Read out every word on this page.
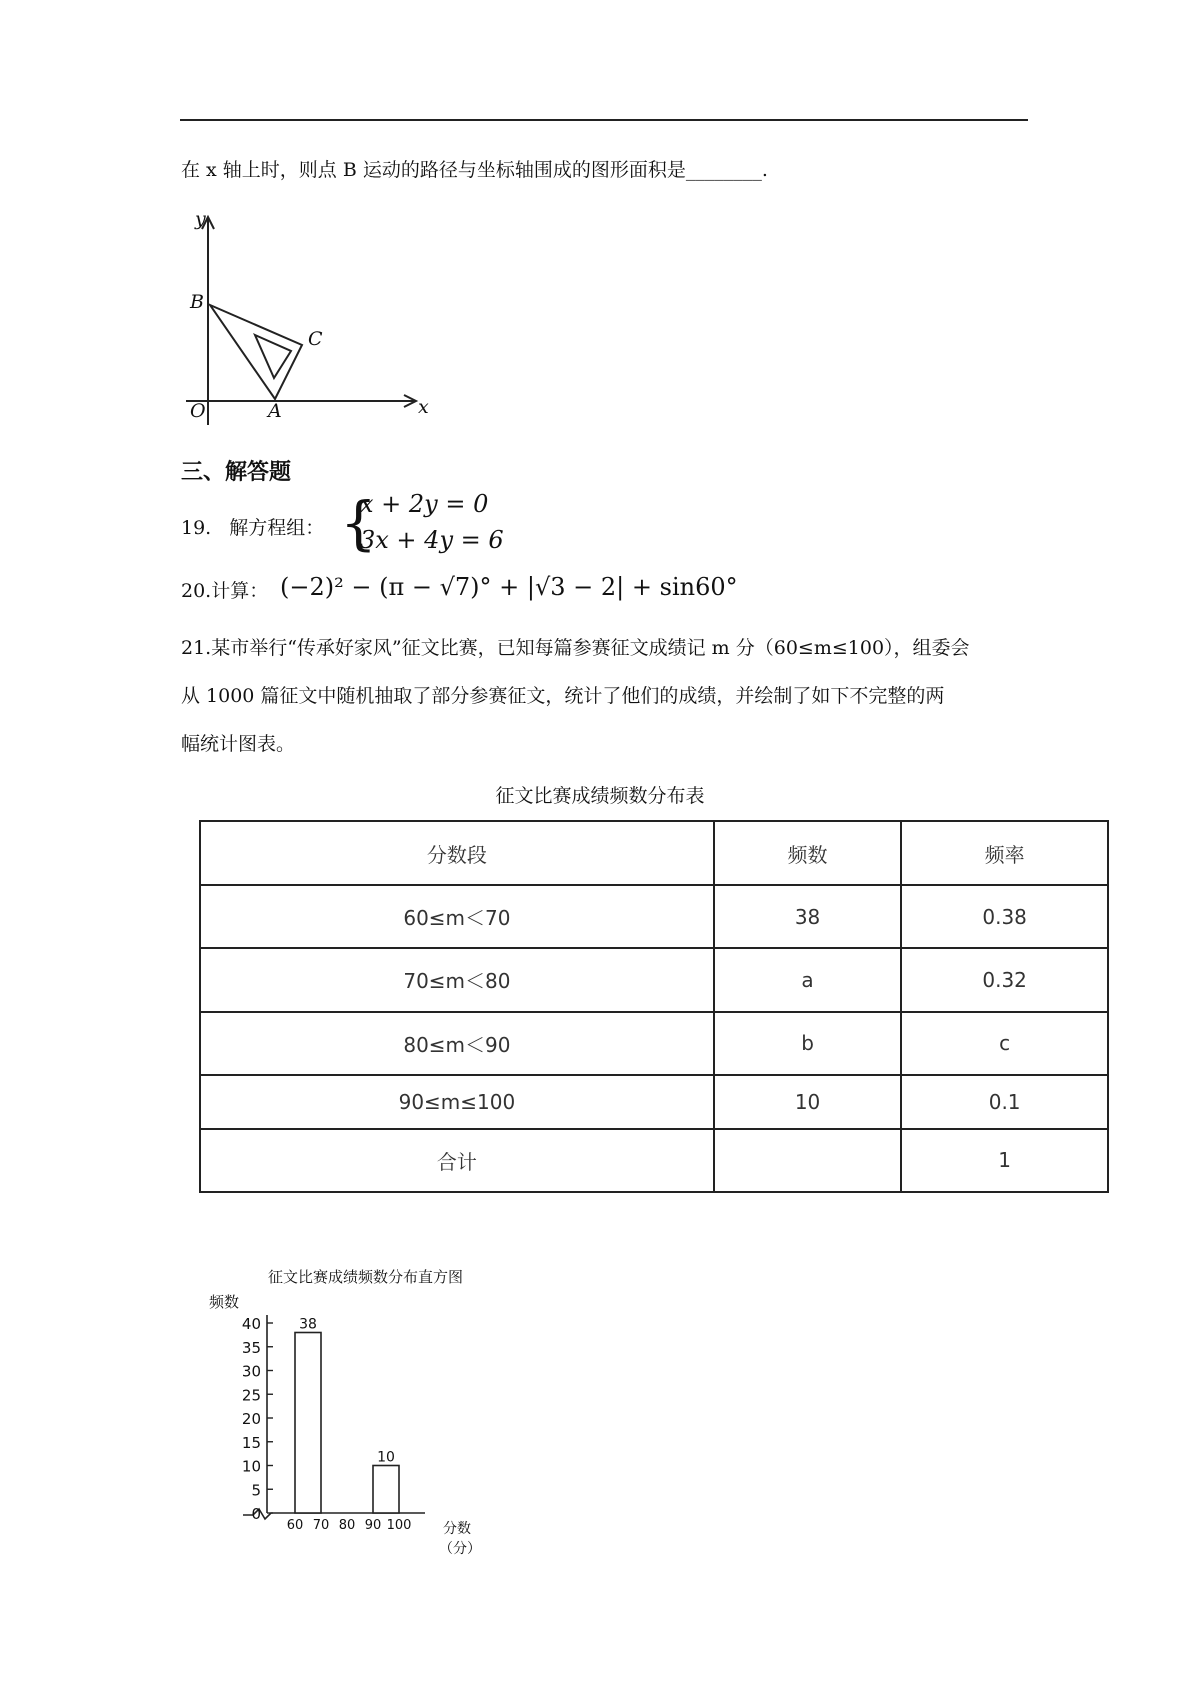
在 x 轴上时，则点 B 运动的路径与坐标轴围成的图形面积是________.
y
x
O	A
B
C
三、解答题
19. 解方程组： {
x + 2y = 0
3x + 4y = 6
20.计算： (−2)² − (π − √7)° + |√3 − 2| + sin60°
21.某市举行“传承好家风”征文比赛，已知每篇参赛征文成绩记 m 分（60≤m≤100），组委会
从 1000 篇征文中随机抽取了部分参赛征文，统计了他们的成绩，并绘制了如下不完整的两
幅统计图表。
征文比赛成绩频数分布表
分数段	频数	频率
60≤m＜70	38	0.38
70≤m＜80	a	0.32
80≤m＜90	b	c
90≤m≤100	10	0.1
合计		1
征文比赛成绩频数分布直方图
频数
0
5
10
15
20
25
30
35
40
60 70 80 90 100
38
10
分数
（分）
